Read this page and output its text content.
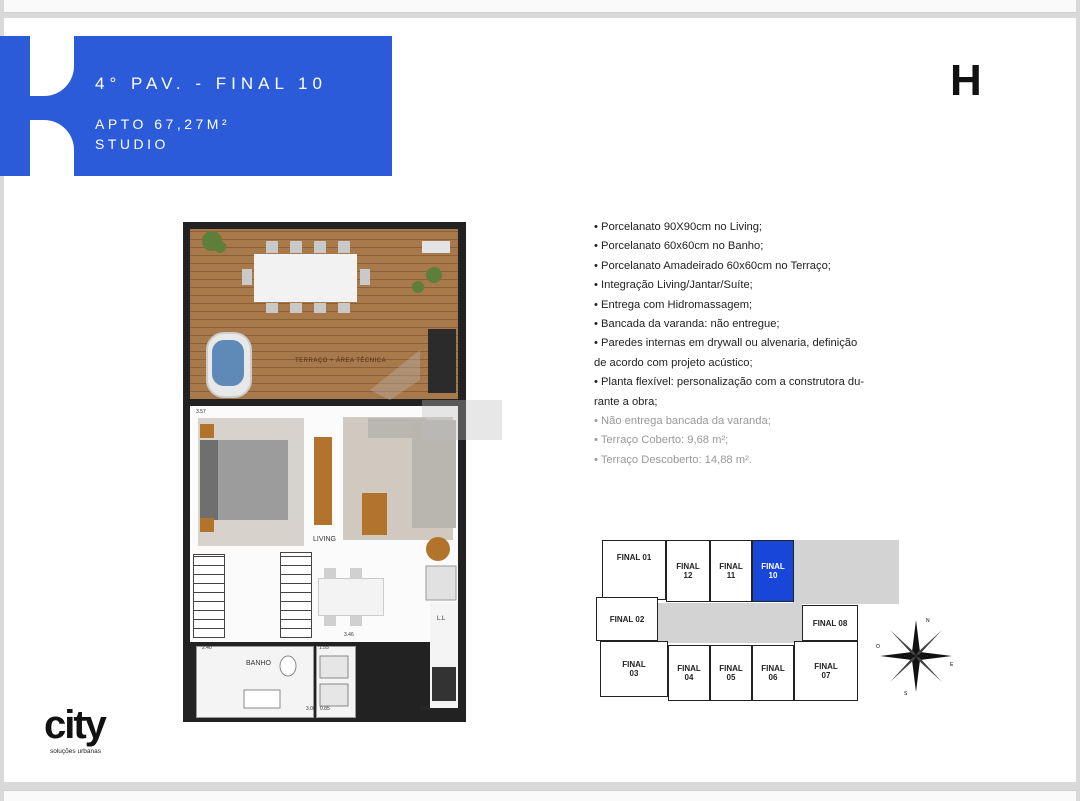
4° PAV. - FINAL 10
APTO 67,27M²
STUDIO
H
• Porcelanato 90X90cm no Living;
• Porcelanato 60x60cm no Banho;
• Porcelanato Amadeirado 60x60cm no Terraço;
• Integração Living/Jantar/Suíte;
• Entrega com Hidromassagem;
• Bancada da varanda: não entregue;
• Paredes internas em drywall ou alvenaria, definição
de acordo com projeto acústico;
• Planta flexível: personalização com a construtora du-
rante a obra;
• Não entrega bancada da varanda;
• Terraço Coberto: 9,68 m²;
• Terraço Descoberto: 14,88 m².
TERRAÇO + ÁREA TÉCNICA
LIVING
L.L
BANHO
3.57
2.40	1.55
3.46
3.00	3.00
0.85
FINAL 01
FINAL
12
FINAL
11
FINAL
10
FINAL 02	FINAL 08
FINAL
03
FINAL
04
FINAL
05
FINAL
06
FINAL
07
N
S
E
O
city
soluções urbanas
